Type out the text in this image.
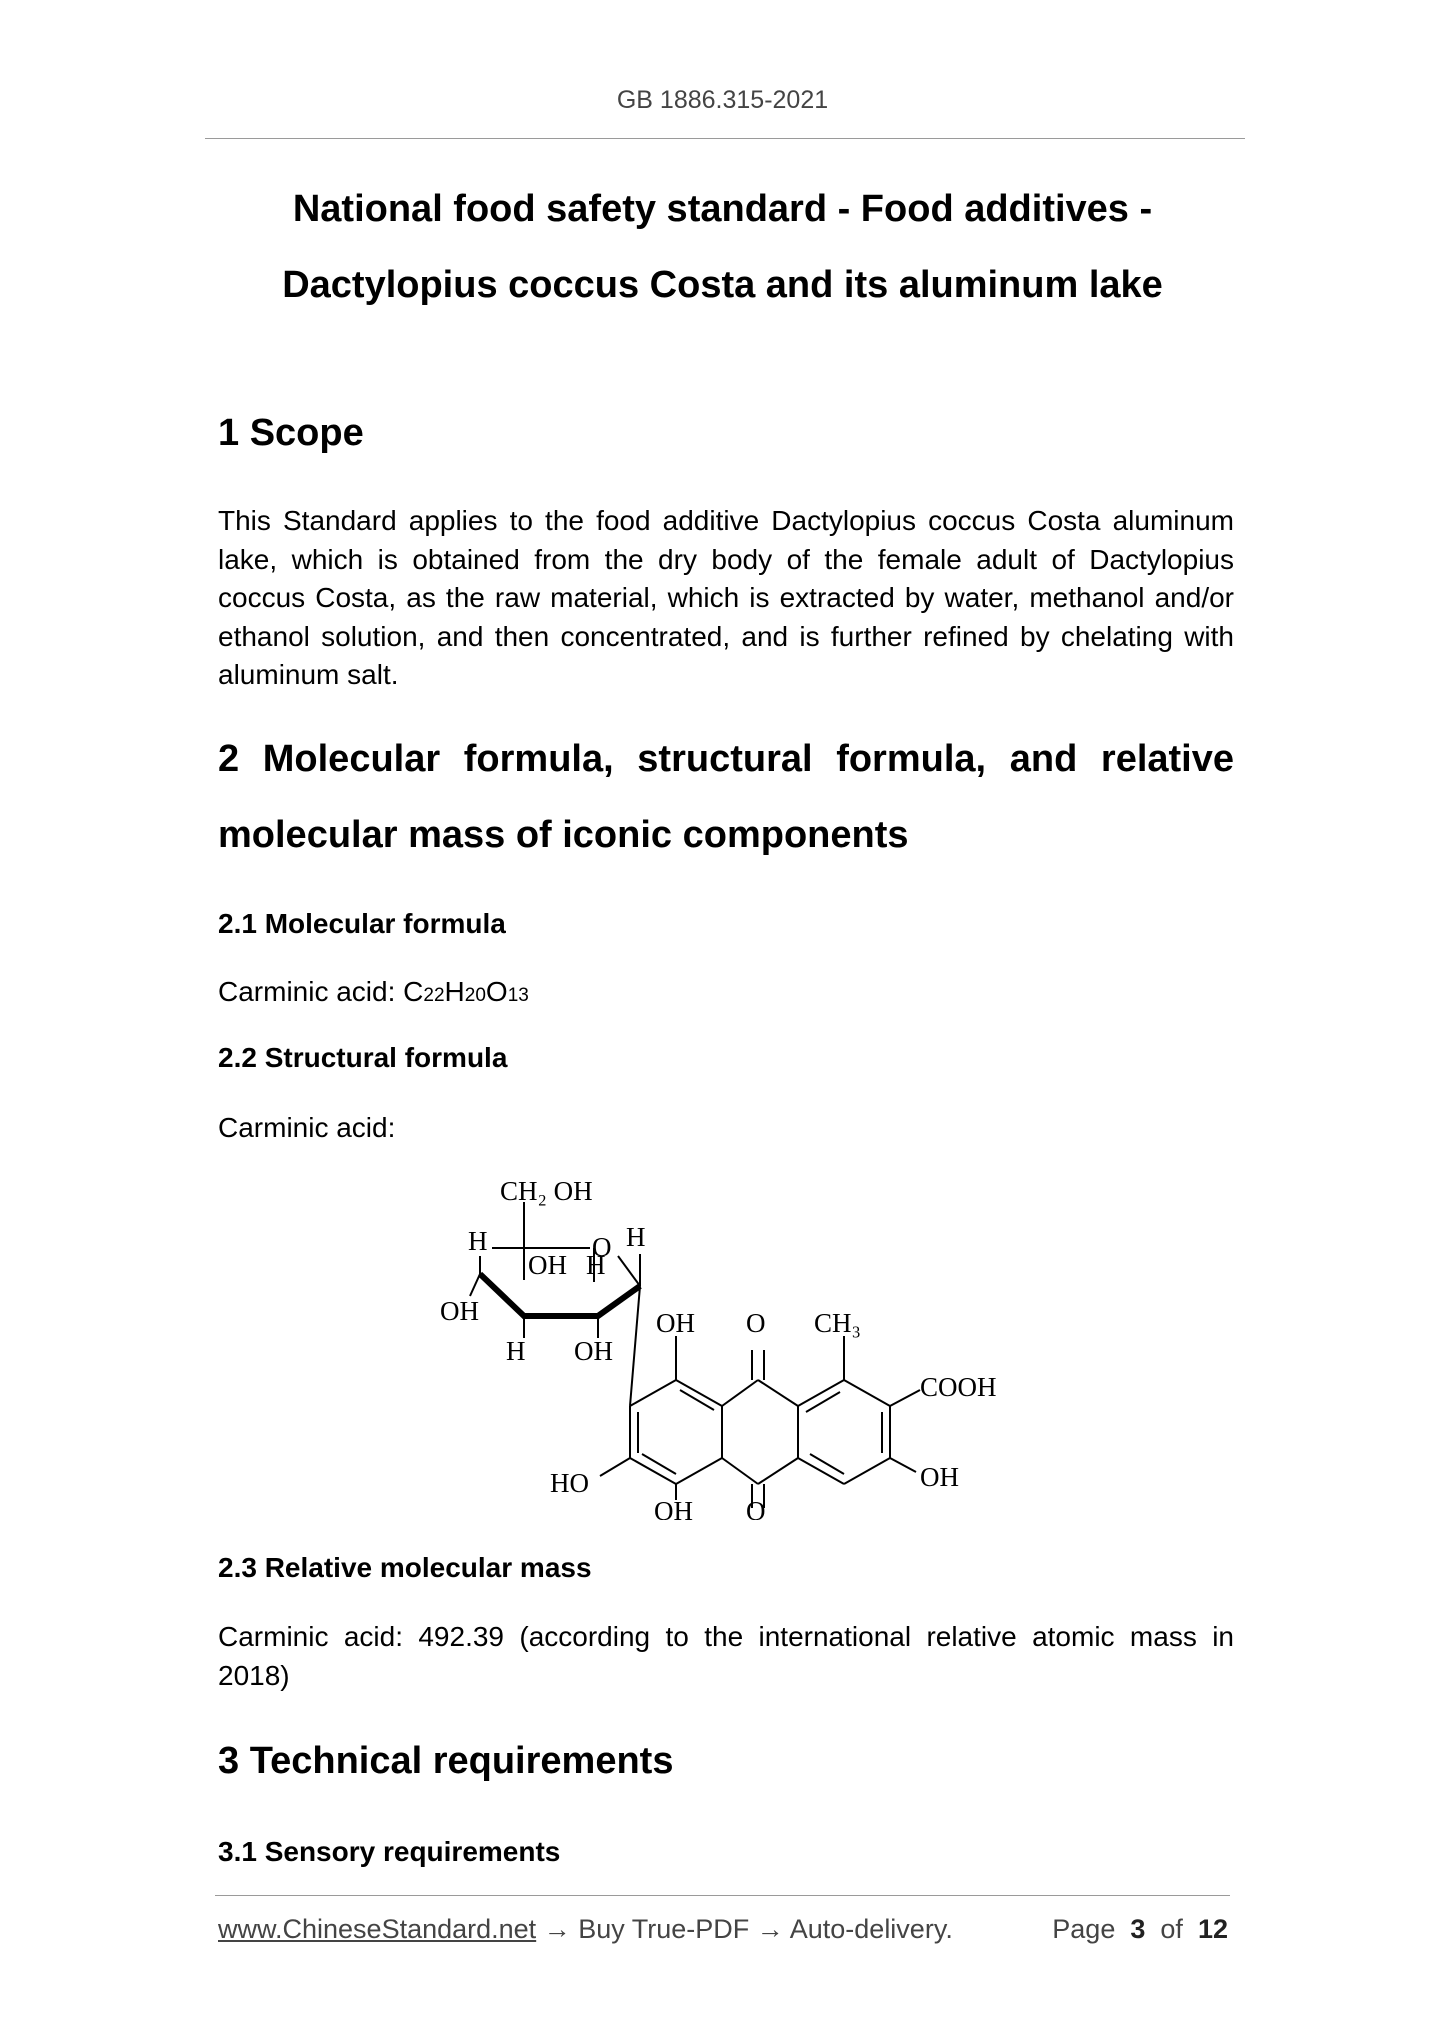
GB 1886.315-2021
National food safety standard - Food additives -
Dactylopius coccus Costa and its aluminum lake
1 Scope
This Standard applies to the food additive Dactylopius coccus Costa aluminum
lake, which is obtained from the dry body of the female adult of Dactylopius
coccus Costa, as the raw material, which is extracted by water, methanol and/or
ethanol solution, and then concentrated, and is further refined by chelating with
aluminum salt.
2 Molecular formula, structural formula, and relative
molecular mass of iconic components
2.1 Molecular formula
Carminic acid: C22H20O13
2.2 Structural formula
Carminic acid:
CH₂ OH
H	O H
OH H
OH
H OH
OH O CH₃
COOH
HO	OH
OH O
2.3 Relative molecular mass
Carminic acid: 492.39 (according to the international relative atomic mass in
2018)
3 Technical requirements
3.1 Sensory requirements
www.ChineseStandard.net → Buy True-PDF → Auto-delivery.	Page 3 of 12
